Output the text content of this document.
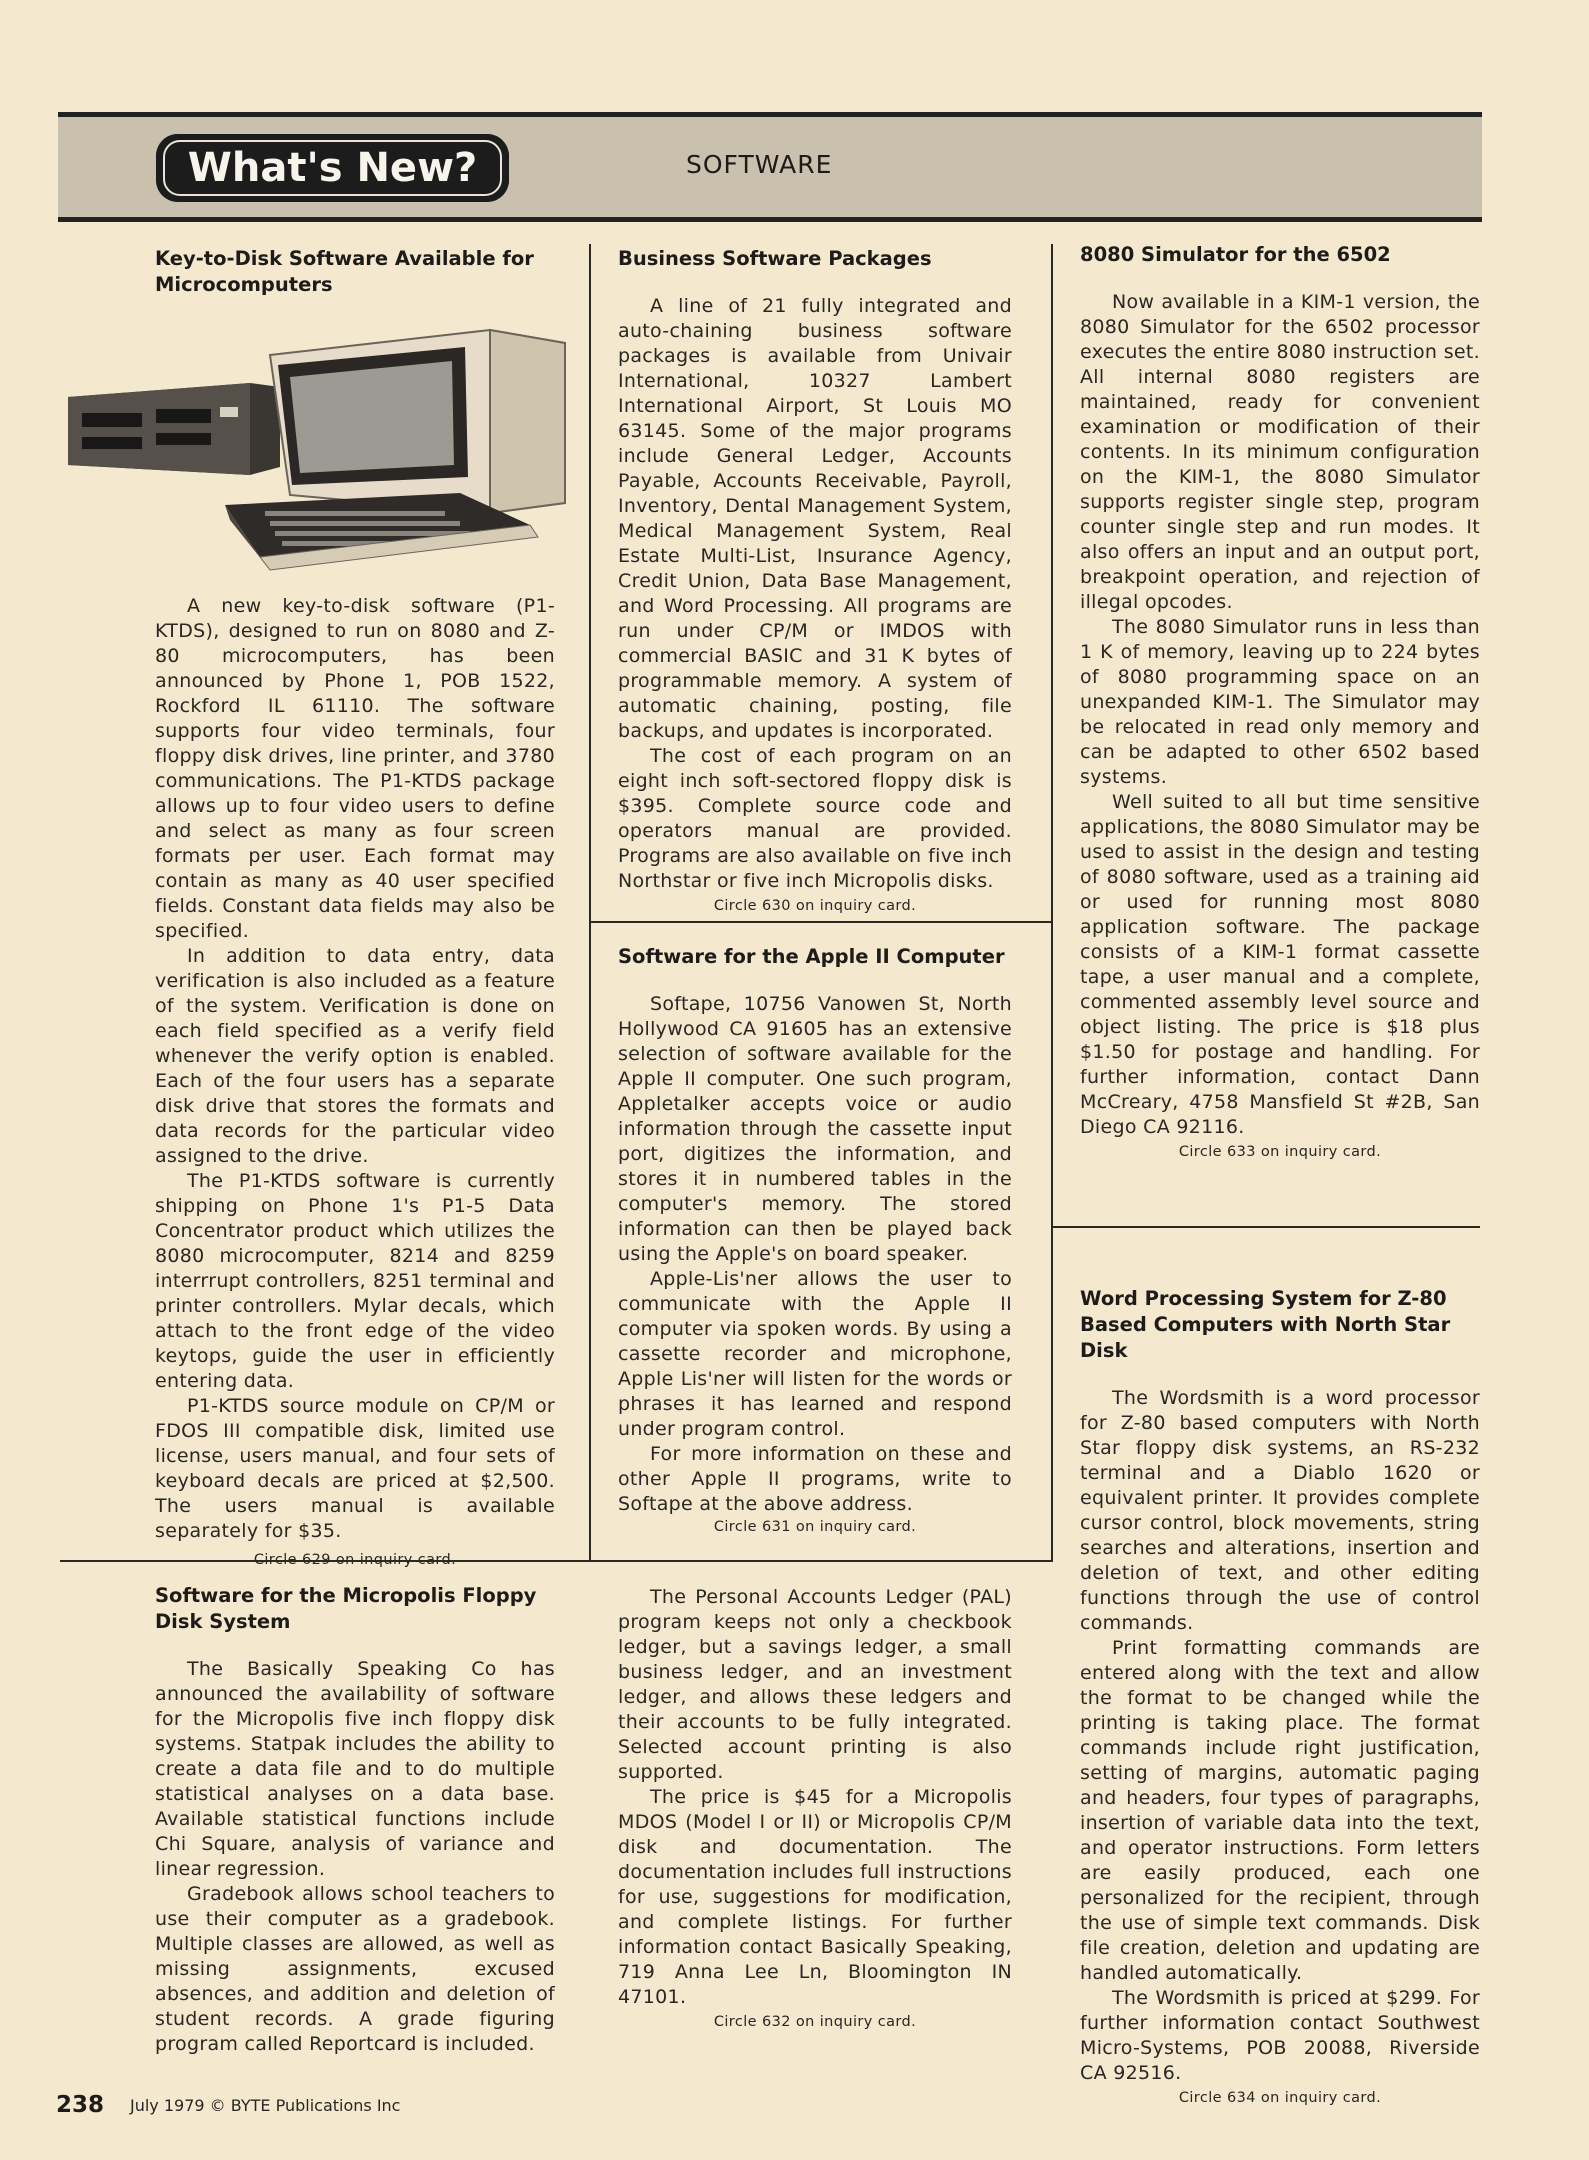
What's New?	SOFTWARE
Key-to-Disk Software Available for Microcomputers

A new key-to-disk software (P1-KTDS), designed to run on 8080 and Z-80 microcomputers, has been announced by Phone 1, POB 1522, Rockford IL 61110. The software supports four video terminals, four floppy disk drives, line printer, and 3780 communications. The P1-KTDS package allows up to four video users to define and select as many as four screen formats per user. Each format may contain as many as 40 user specified fields. Constant data fields may also be specified.

In addition to data entry, data verification is also included as a feature of the system. Verification is done on each field specified as a verify field whenever the verify option is enabled. Each of the four users has a separate disk drive that stores the formats and data records for the particular video assigned to the drive.

The P1-KTDS software is currently shipping on Phone 1's P1-5 Data Concentrator product which utilizes the 8080 microcomputer, 8214 and 8259 interrrupt controllers, 8251 terminal and printer controllers. Mylar decals, which attach to the front edge of the video keytops, guide the user in efficiently entering data.

P1-KTDS source module on CP/M or FDOS III compatible disk, limited use license, users manual, and four sets of keyboard decals are priced at $2,500. The users manual is available separately for $35.

Circle 629 on inquiry card.
Business Software Packages

A line of 21 fully integrated and auto-chaining business software packages is available from Univair International, 10327 Lambert International Airport, St Louis MO 63145. Some of the major programs include General Ledger, Accounts Payable, Accounts Receivable, Payroll, Inventory, Dental Management System, Medical Management System, Real Estate Multi-List, Insurance Agency, Credit Union, Data Base Management, and Word Processing. All programs are run under CP/M or IMDOS with commercial BASIC and 31 K bytes of programmable memory. A system of automatic chaining, posting, file backups, and updates is incorporated.

The cost of each program on an eight inch soft-sectored floppy disk is $395. Complete source code and operators manual are provided. Programs are also available on five inch Northstar or five inch Micropolis disks.

Circle 630 on inquiry card.
Software for the Apple II Computer

Softape, 10756 Vanowen St, North Hollywood CA 91605 has an extensive selection of software available for the Apple II computer. One such program, Appletalker accepts voice or audio information through the cassette input port, digitizes the information, and stores it in numbered tables in the computer's memory. The stored information can then be played back using the Apple's on board speaker.

Apple-Lis'ner allows the user to communicate with the Apple II computer via spoken words. By using a cassette recorder and microphone, Apple Lis'ner will listen for the words or phrases it has learned and respond under program control.

For more information on these and other Apple II programs, write to Softape at the above address.

Circle 631 on inquiry card.
8080 Simulator for the 6502

Now available in a KIM-1 version, the 8080 Simulator for the 6502 processor executes the entire 8080 instruction set. All internal 8080 registers are maintained, ready for convenient examination or modification of their contents. In its minimum configuration on the KIM-1, the 8080 Simulator supports register single step, program counter single step and run modes. It also offers an input and an output port, breakpoint operation, and rejection of illegal opcodes.

The 8080 Simulator runs in less than 1 K of memory, leaving up to 224 bytes of 8080 programming space on an unexpanded KIM-1. The Simulator may be relocated in read only memory and can be adapted to other 6502 based systems.

Well suited to all but time sensitive applications, the 8080 Simulator may be used to assist in the design and testing of 8080 software, used as a training aid or used for running most 8080 application software. The package consists of a KIM-1 format cassette tape, a user manual and a complete, commented assembly level source and object listing. The price is $18 plus $1.50 for postage and handling. For further information, contact Dann McCreary, 4758 Mansfield St #2B, San Diego CA 92116.

Circle 633 on inquiry card.
Software for the Micropolis Floppy Disk System

The Basically Speaking Co has announced the availability of software for the Micropolis five inch floppy disk systems. Statpak includes the ability to create a data file and to do multiple statistical analyses on a data base. Available statistical functions include Chi Square, analysis of variance and linear regression.

Gradebook allows school teachers to use their computer as a gradebook. Multiple classes are allowed, as well as missing assignments, excused absences, and addition and deletion of student records. A grade figuring program called Reportcard is included.

The Personal Accounts Ledger (PAL) program keeps not only a checkbook ledger, but a savings ledger, a small business ledger, and an investment ledger, and allows these ledgers and their accounts to be fully integrated. Selected account printing is also supported.

The price is $45 for a Micropolis MDOS (Model I or II) or Micropolis CP/M disk and documentation. The documentation includes full instructions for use, suggestions for modification, and complete listings. For further information contact Basically Speaking, 719 Anna Lee Ln, Bloomington IN 47101.

Circle 632 on inquiry card.
Word Processing System for Z-80 Based Computers with North Star Disk

The Wordsmith is a word processor for Z-80 based computers with North Star floppy disk systems, an RS-232 terminal and a Diablo 1620 or equivalent printer. It provides complete cursor control, block movements, string searches and alterations, insertion and deletion of text, and other editing functions through the use of control commands.

Print formatting commands are entered along with the text and allow the format to be changed while the printing is taking place. The format commands include right justification, setting of margins, automatic paging and headers, four types of paragraphs, insertion of variable data into the text, and operator instructions. Form letters are easily produced, each one personalized for the recipient, through the use of simple text commands. Disk file creation, deletion and updating are handled automatically.

The Wordsmith is priced at $299. For further information contact Southwest Micro-Systems, POB 20088, Riverside CA 92516.

Circle 634 on inquiry card.
238 July 1979 © BYTE Publications Inc
